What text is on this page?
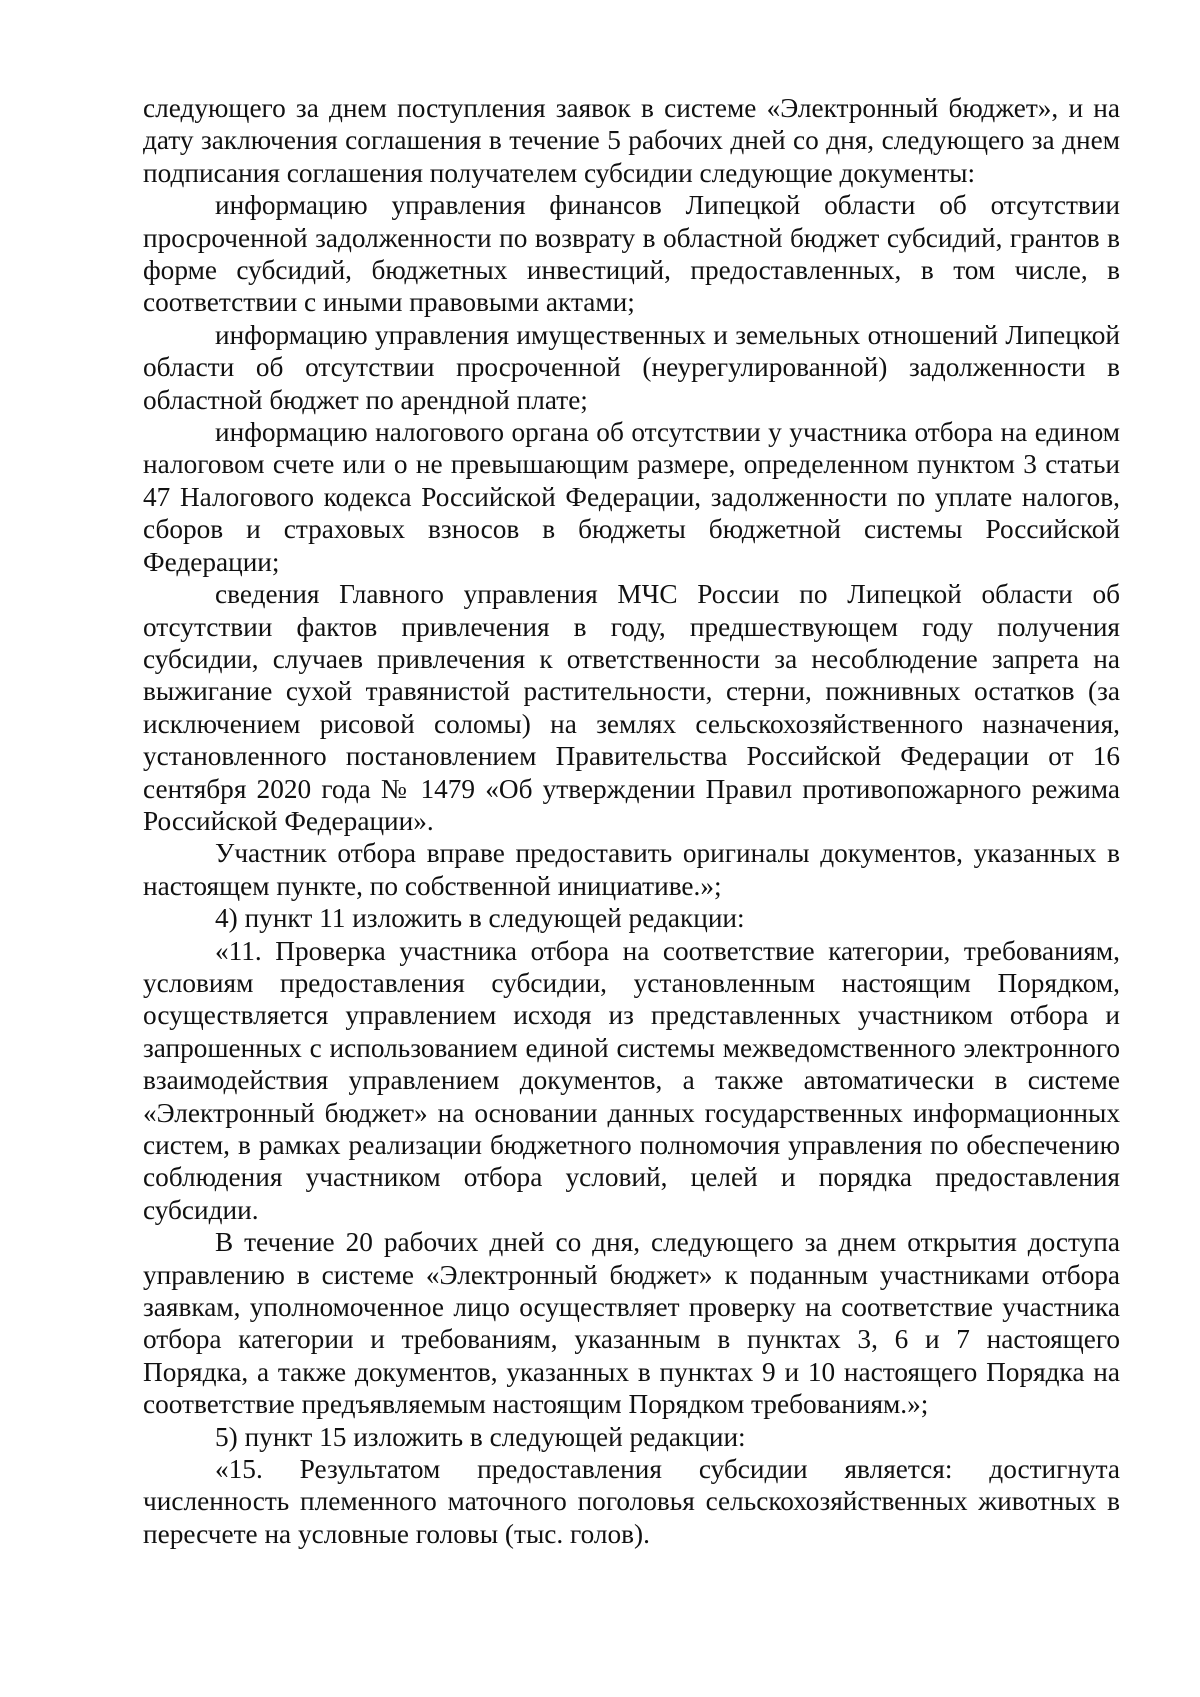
следующего за днем поступления заявок в системе «Электронный бюджет», и на дату заключения соглашения в течение 5 рабочих дней со дня, следующего за днем подписания соглашения получателем субсидии следующие документы:

информацию управления финансов Липецкой области об отсутствии просроченной задолженности по возврату в областной бюджет субсидий, грантов в форме субсидий, бюджетных инвестиций, предоставленных, в том числе, в соответствии с иными правовыми актами;

информацию управления имущественных и земельных отношений Липецкой области об отсутствии просроченной (неурегулированной) задолженности в областной бюджет по арендной плате;

информацию налогового органа об отсутствии у участника отбора на едином налоговом счете или о не превышающим размере, определенном пунктом 3 статьи 47 Налогового кодекса Российской Федерации, задолженности по уплате налогов, сборов и страховых взносов в бюджеты бюджетной системы Российской Федерации;

сведения Главного управления МЧС России по Липецкой области об отсутствии фактов привлечения в году, предшествующем году получения субсидии, случаев привлечения к ответственности за несоблюдение запрета на выжигание сухой травянистой растительности, стерни, пожнивных остатков (за исключением рисовой соломы) на землях сельскохозяйственного назначения, установленного постановлением Правительства Российской Федерации от 16 сентября 2020 года № 1479 «Об утверждении Правил противопожарного режима Российской Федерации».

Участник отбора вправе предоставить оригиналы документов, указанных в настоящем пункте, по собственной инициативе.»;

4) пункт 11 изложить в следующей редакции:

«11. Проверка участника отбора на соответствие категории, требованиям, условиям предоставления субсидии, установленным настоящим Порядком, осуществляется управлением исходя из представленных участником отбора и запрошенных с использованием единой системы межведомственного электронного взаимодействия управлением документов, а также автоматически в системе «Электронный бюджет» на основании данных государственных информационных систем, в рамках реализации бюджетного полномочия управления по обеспечению соблюдения участником отбора условий, целей и порядка предоставления субсидии.

В течение 20 рабочих дней со дня, следующего за днем открытия доступа управлению в системе «Электронный бюджет» к поданным участниками отбора заявкам, уполномоченное лицо осуществляет проверку на соответствие участника отбора категории и требованиям, указанным в пунктах 3, 6 и 7 настоящего Порядка, а также документов, указанных в пунктах 9 и 10 настоящего Порядка на соответствие предъявляемым настоящим Порядком требованиям.»;

5) пункт 15 изложить в следующей редакции:

«15. Результатом предоставления субсидии является: достигнута численность племенного маточного поголовья сельскохозяйственных животных в пересчете на условные головы (тыс. голов).
